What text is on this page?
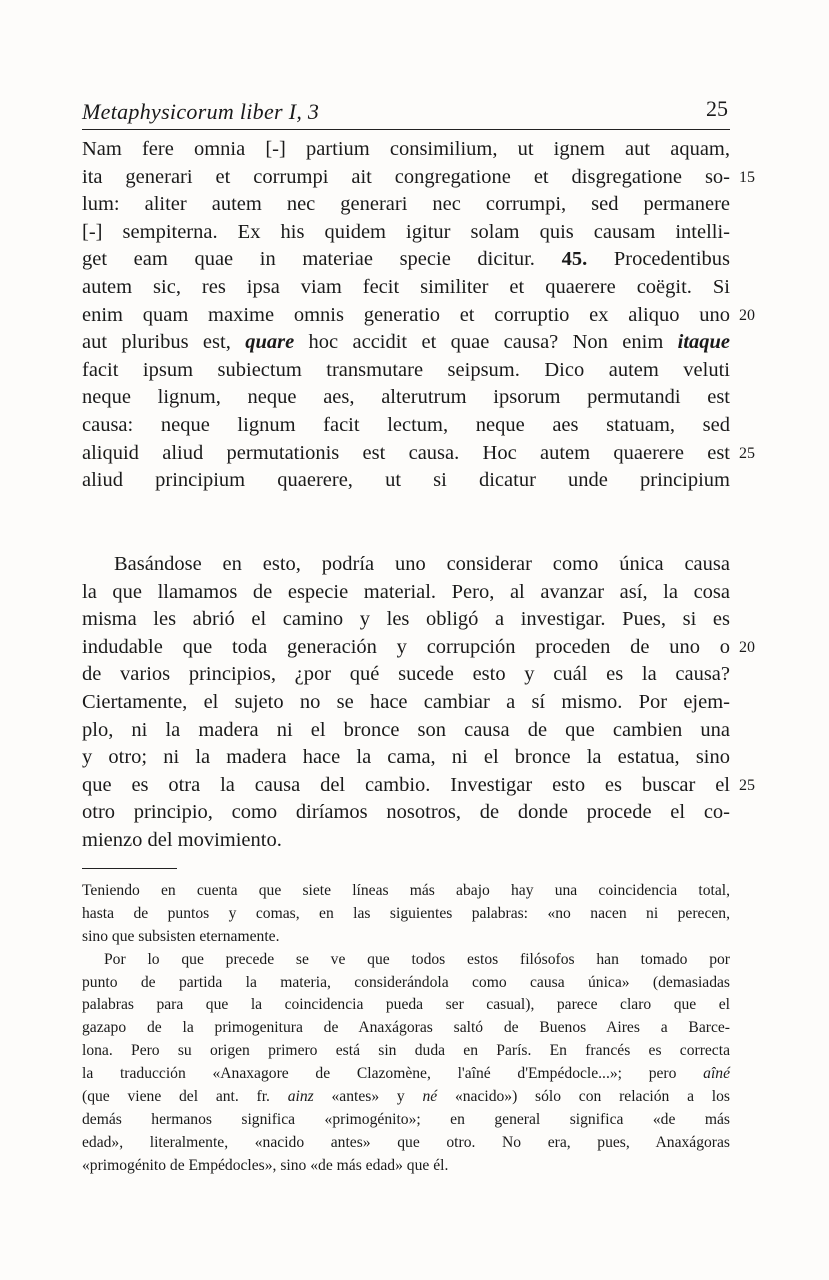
Metaphysicorum liber I, 3	25
Nam fere omnia [-] partium consimilium, ut ignem aut aquam,
ita generari et corrumpi ait congregatione et disgregatione so- 15
lum: aliter autem nec generari nec corrumpi, sed permanere
[-] sempiterna. Ex his quidem igitur solam quis causam intelli-
get eam quae in materiae specie dicitur. 45. Procedentibus
autem sic, res ipsa viam fecit similiter et quaerere coëgit. Si
enim quam maxime omnis generatio et corruptio ex aliquo uno 20
aut pluribus est, quare hoc accidit et quae causa? Non enim itaque
facit ipsum subiectum transmutare seipsum. Dico autem veluti
neque lignum, neque aes, alterutrum ipsorum permutandi est
causa: neque lignum facit lectum, neque aes statuam, sed
aliquid aliud permutationis est causa. Hoc autem quaerere est 25
aliud principium quaerere, ut si dicatur unde principium
Basándose en esto, podría uno considerar como única causa
la que llamamos de especie material. Pero, al avanzar así, la cosa
misma les abrió el camino y les obligó a investigar. Pues, si es
indudable que toda generación y corrupción proceden de uno o 20
de varios principios, ¿por qué sucede esto y cuál es la causa?
Ciertamente, el sujeto no se hace cambiar a sí mismo. Por ejem-
plo, ni la madera ni el bronce son causa de que cambien una
y otro; ni la madera hace la cama, ni el bronce la estatua, sino
que es otra la causa del cambio. Investigar esto es buscar el 25
otro principio, como diríamos nosotros, de donde procede el co-
mienzo del movimiento.
Teniendo en cuenta que siete líneas más abajo hay una coincidencia total,
hasta de puntos y comas, en las siguientes palabras: «no nacen ni perecen,
sino que subsisten eternamente.
Por lo que precede se ve que todos estos filósofos han tomado por
punto de partida la materia, considerándola como causa única» (demasiadas
palabras para que la coincidencia pueda ser casual), parece claro que el
gazapo de la primogenitura de Anaxágoras saltó de Buenos Aires a Barce-
lona. Pero su origen primero está sin duda en París. En francés es correcta
la traducción «Anaxagore de Clazomène, l'aîné d'Empédocle...»; pero aîné
(que viene del ant. fr. ainz «antes» y né «nacido») sólo con relación a los
demás hermanos significa «primogénito»; en general significa «de más
edad», literalmente, «nacido antes» que otro. No era, pues, Anaxágoras
«primogénito de Empédocles», sino «de más edad» que él.
